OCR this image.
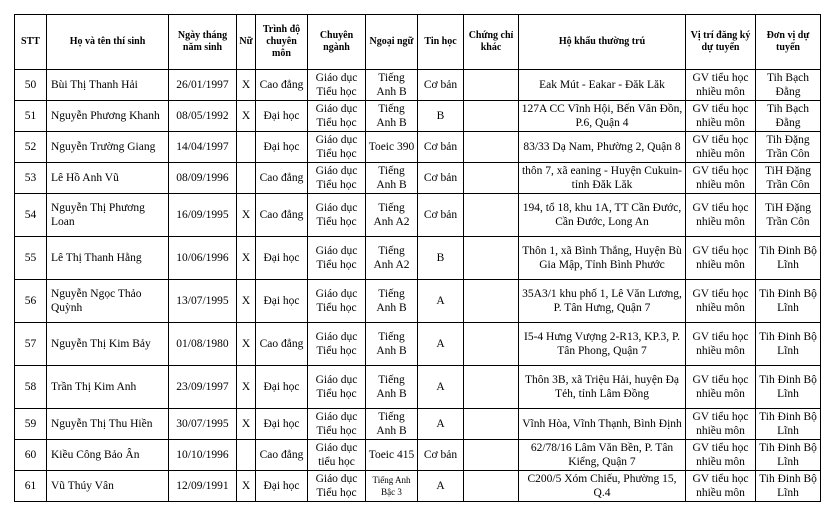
STT	Họ và tên thí sinh	Ngày tháng năm sinh	Nữ	Trình độ chuyên môn	Chuyên ngành	Ngoại ngữ	Tin học	Chứng chỉ khác	Hộ khẩu thường trú	Vị trí đăng ký dự tuyển	Đơn vị dự tuyển
50	Bùi Thị Thanh Hải	26/01/1997	X	Cao đẳng	Giáo dục Tiểu học	Tiếng Anh B	Cơ bản		Eak Mút - Eakar - Đăk Lăk	GV tiểu học nhiều môn	Tih Bạch Đằng
51	Nguyễn Phương Khanh	08/05/1992	X	Đại học	Giáo dục Tiểu học	Tiếng Anh B	B		127A CC Vĩnh Hội, Bến Vân Đồn, P.6, Quận 4	GV tiểu học nhiều môn	Tih Bạch Đằng
52	Nguyễn Trường Giang	14/04/1997		Đại học	Giáo dục Tiểu học	Toeic 390	Cơ bản		83/33 Dạ Nam, Phường 2, Quận 8	GV tiểu học nhiều môn	Tih Đặng Trần Côn
53	Lê Hồ Anh Vũ	08/09/1996		Cao đẳng	Giáo dục Tiểu học	Tiếng Anh B	Cơ bản		thôn 7, xã eaning - Huyện Cukuin- tỉnh Đăk Lăk	GV tiểu học nhiều môn	TiH Đặng Trần Côn
54	Nguyễn Thị Phương Loan	16/09/1995	X	Cao đẳng	Giáo dục Tiểu học	Tiếng Anh A2	Cơ bản		194, tổ 18, khu 1A, TT Cần Đước, Cần Đước, Long An	GV tiểu học nhiều môn	TiH Đặng Trần Côn
55	Lê Thị Thanh Hằng	10/06/1996	X	Đại học	Giáo dục Tiểu học	Tiếng Anh A2	B		Thôn 1, xã Bình Thắng, Huyện Bù Gia Mập, Tỉnh Bình Phước	GV tiểu học nhiều môn	Tih Đinh Bộ Lĩnh
56	Nguyễn Ngọc Thảo Quỳnh	13/07/1995	X	Đại học	Giáo dục Tiểu học	Tiếng Anh B	A		35A3/1 khu phố 1, Lê Văn Lương, P. Tân Hưng, Quận 7	GV tiểu học nhiều môn	Tih Đinh Bộ Lĩnh
57	Nguyễn Thị Kim Bảy	01/08/1980	X	Cao đẳng	Giáo dục Tiểu học	Tiếng Anh B	A		I5-4 Hưng Vượng 2-R13, KP.3, P. Tân Phong, Quận 7	GV tiểu học nhiều môn	Tih Đinh Bộ Lĩnh
58	Trần Thị Kim Anh	23/09/1997	X	Đại học	Giáo dục Tiểu học	Tiếng Anh B	A		Thôn 3B, xã Triệu Hải, huyện Đạ Tẻh, tỉnh Lâm Đồng	GV tiểu học nhiều môn	Tih Đinh Bộ Lĩnh
59	Nguyễn Thị Thu Hiền	30/07/1995	X	Đại học	Giáo dục Tiểu học	Tiếng Anh B	A		Vĩnh Hòa, Vĩnh Thạnh, Bình Định	GV tiểu học nhiều môn	Tih Đinh Bộ Lĩnh
60	Kiều Công Bảo Ân	10/10/1996		Cao đẳng	Giáo dục tiểu học	Toeic 415	Cơ bản		62/78/16 Lâm Văn Bền, P. Tân Kiểng, Quận 7	GV tiểu học nhiều môn	Tih Đinh Bộ Lĩnh
61	Vũ Thúy Vân	12/09/1991	X	Đại học	Giáo dục Tiểu học	Tiếng Anh Bậc 3	A		C200/5 Xóm Chiếu, Phường 15, Q.4	GV tiểu học nhiều môn	Tih Đinh Bộ Lĩnh
